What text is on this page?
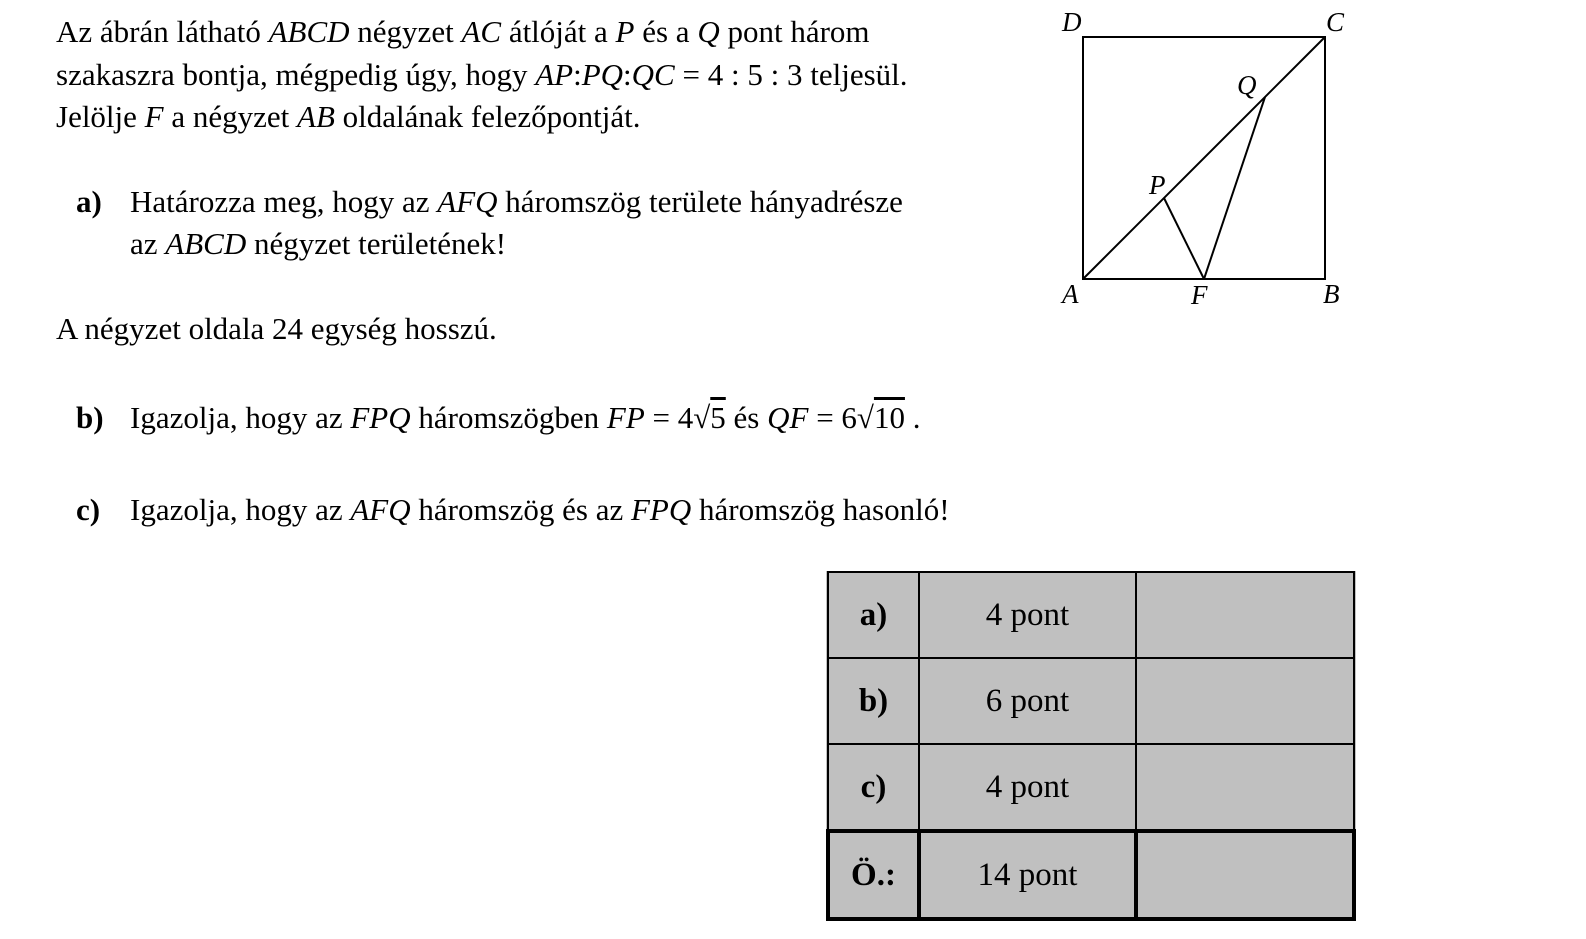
Az ábrán látható ABCD négyzet AC átlóját a P és a Q pont három
szakaszra bontja, mégpedig úgy, hogy AP:PQ:QC = 4 : 5 : 3 teljesül.
Jelölje F a négyzet AB oldalának felezőpontját.
a) Határozza meg, hogy az AFQ háromszög területe hányadrésze
az ABCD négyzet területének!
A négyzet oldala 24 egység hosszú.
b) Igazolja, hogy az FPQ háromszögben FP = 4√5 és QF = 6√10 .
c) Igazolja, hogy az AFQ háromszög és az FPQ háromszög hasonló!
A	B
C
D
P
Q
F
a)	4 pont	
b)	6 pont	
c)	4 pont	
Ö.:	14 pont	
